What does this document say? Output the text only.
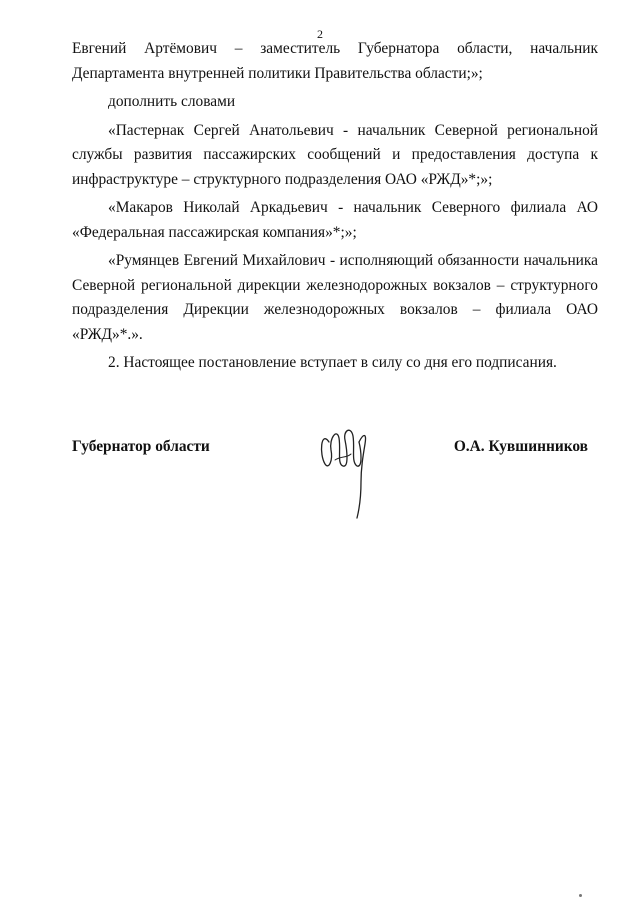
2

Евгений Артёмович – заместитель Губернатора области, начальник Департамента внутренней политики Правительства области;»;

дополнить словами

«Пастернак Сергей Анатольевич - начальник Северной региональной службы развития пассажирских сообщений и предоставления доступа к инфраструктуре – структурного подразделения ОАО «РЖД»*;»;

«Макаров Николай Аркадьевич - начальник Северного филиала АО «Федеральная пассажирская компания»*;»;

«Румянцев Евгений Михайлович - исполняющий обязанности начальника Северной региональной дирекции железнодорожных вокзалов – структурного подразделения Дирекции железнодорожных вокзалов – филиала ОАО «РЖД»*.».

2. Настоящее постановление вступает в силу со дня его подписания.

Губернатор области	О.А. Кувшинников
